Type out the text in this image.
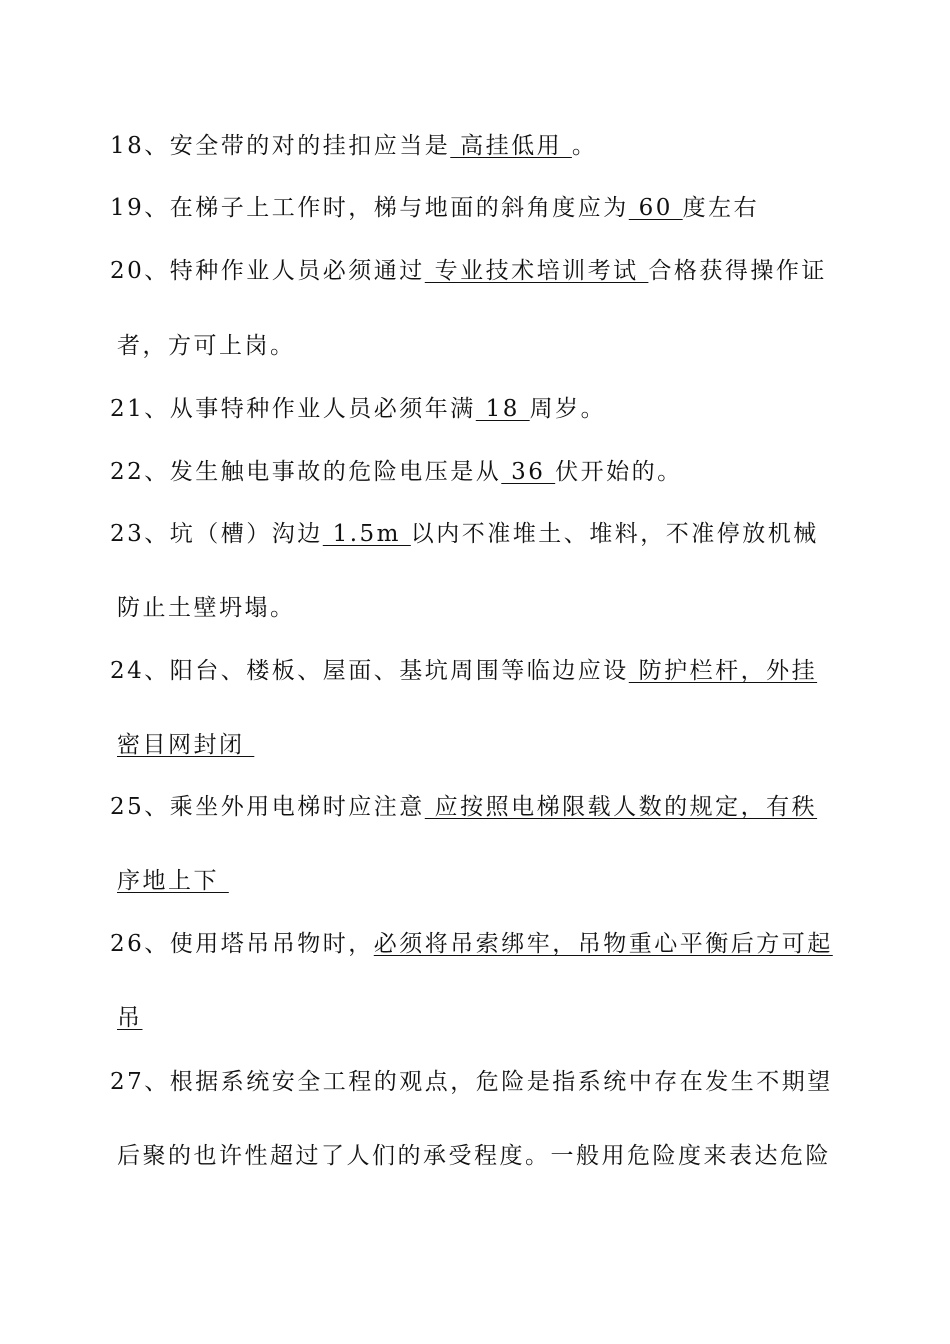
18、安全带的对的挂扣应当是 高挂低用 。
19、在梯子上工作时，梯与地面的斜角度应为 60 度左右
20、特种作业人员必须通过 专业技术培训考试 合格获得操作证
者，方可上岗。
21、从事特种作业人员必须年满 18 周岁。
22、发生触电事故的危险电压是从 36 伏开始的。
23、坑（槽）沟边 1.5m 以内不准堆土、堆料，不准停放机械
防止土壁坍塌。
24、阳台、楼板、屋面、基坑周围等临边应设 防护栏杆，外挂
密目网封闭
25、乘坐外用电梯时应注意 应按照电梯限载人数的规定，有秩
序地上下
26、使用塔吊吊物时，必须将吊索绑牢，吊物重心平衡后方可起
吊
27、根据系统安全工程的观点，危险是指系统中存在发生不期望
后聚的也许性超过了人们的承受程度。一般用危险度来表达危险
